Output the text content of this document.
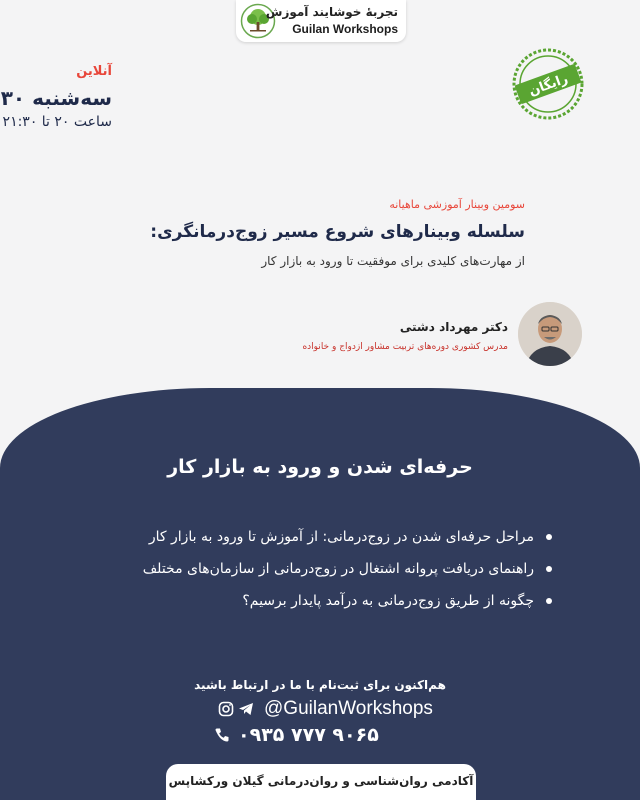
تجربهٔ خوشایند آموزش
Guilan Workshops
رایگان
آنلاین
سه‌شنبه ۳۰
ساعت ۲۰ تا ۲۱:۳۰
سومین وبینار آموزشی ماهیانه
سلسله وبینارهای شروع مسیر زوج‌درمانگری:
از مهارت‌های کلیدی برای موفقیت تا ورود به بازار کار
دکتر مهرداد دشتی
مدرس کشوری دوره‌های تربیت مشاور ازدواج و خانواده
حرفه‌ای شدن و ورود به بازار کار
مراحل حرفه‌ای شدن در زوج‌درمانی: از آموزش تا ورود به بازار کار
راهنمای دریافت پروانه اشتغال در زوج‌درمانی از سازمان‌های مختلف
چگونه از طریق زوج‌درمانی به درآمد پایدار برسیم؟
هم‌اکنون برای ثبت‌نام با ما در ارتباط باشید
@GuilanWorkshops
۰۹۳۵ ۷۷۷ ۹۰۶۵
آکادمی روان‌شناسی و روان‌درمانی گیلان ورکشاپس
